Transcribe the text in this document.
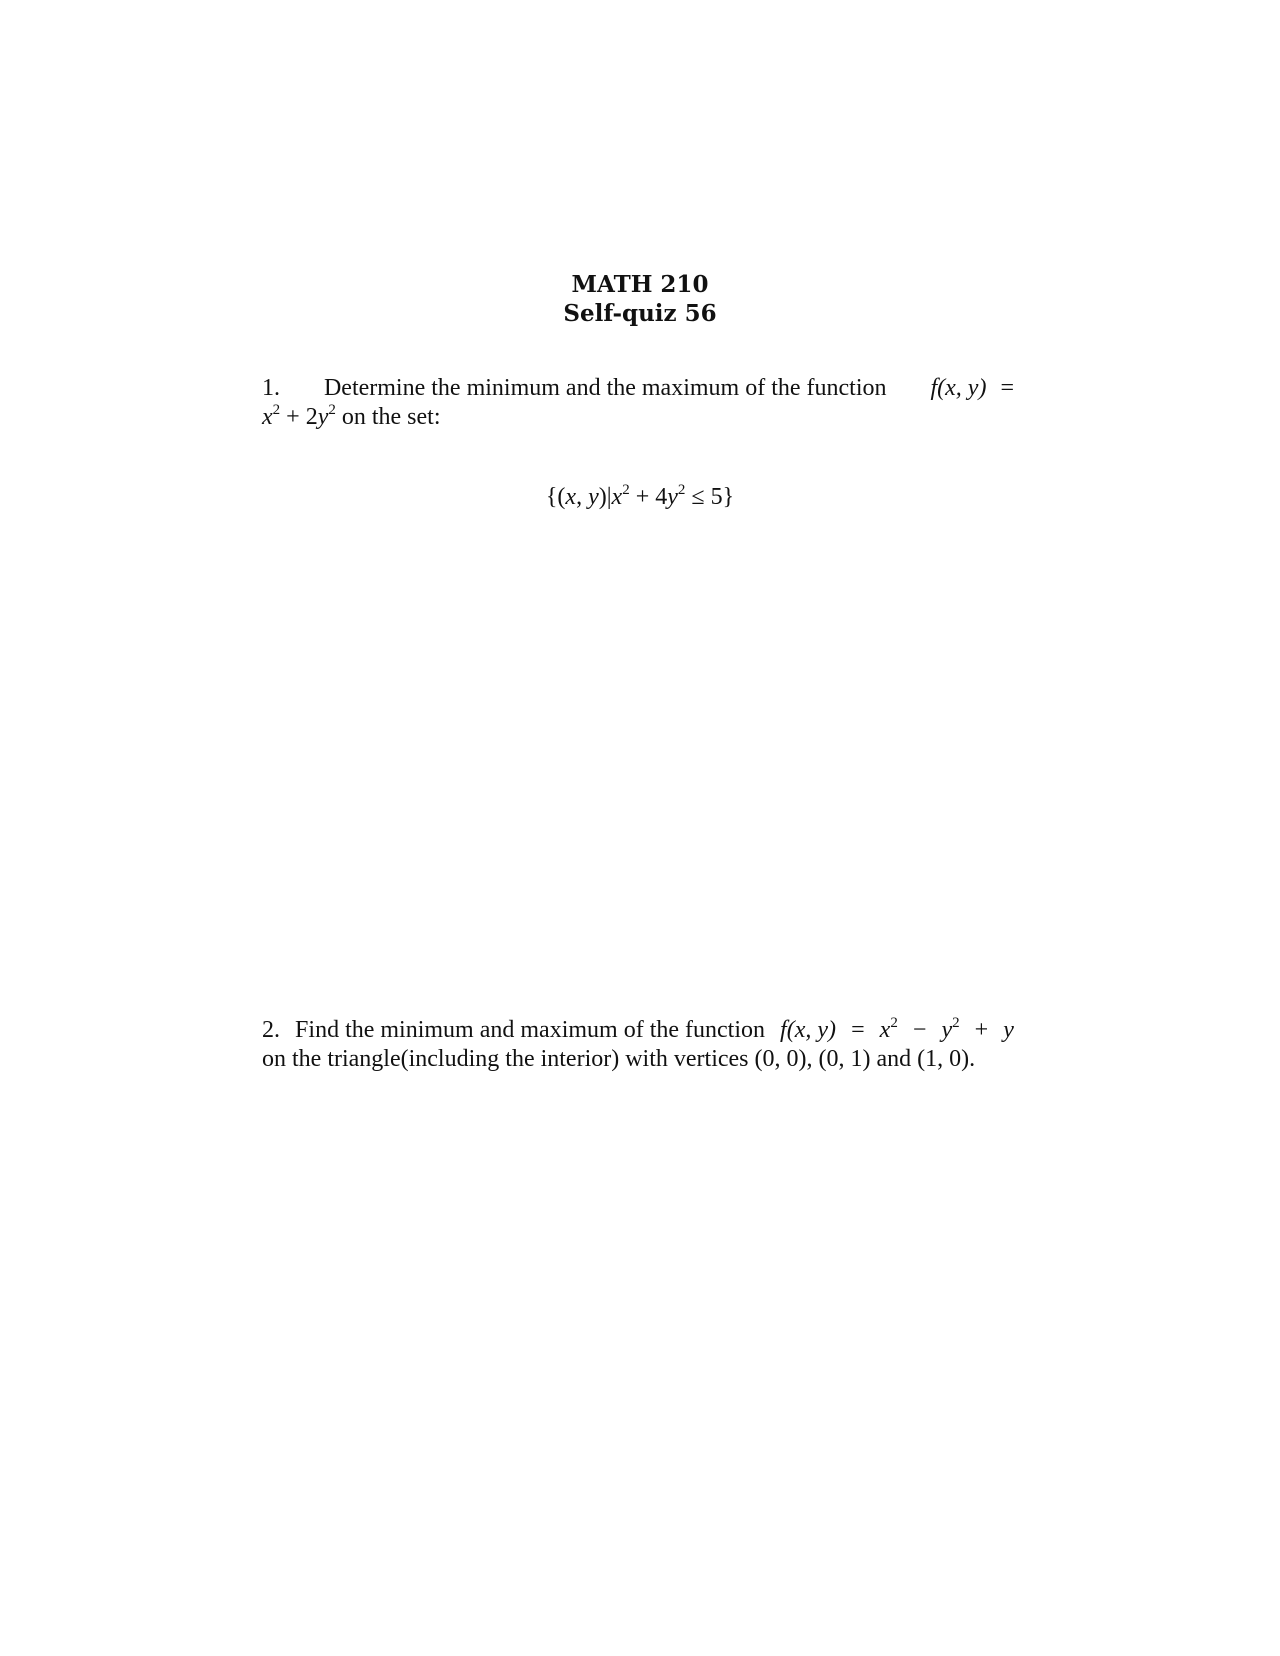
MATH 210
Self-quiz 56
1. Determine the minimum and the maximum of the function f(x, y) =
$x^2 + 2y^2$ on the set:
{(x, $y)|x^2 + 4y^2 \le 5$}
2. Find the minimum and maximum of the function f(x, $y) = x^2 - y^2 + y$
on the triangle(including the interior) with vertices (0, 0), (0, 1) and (1, 0).
